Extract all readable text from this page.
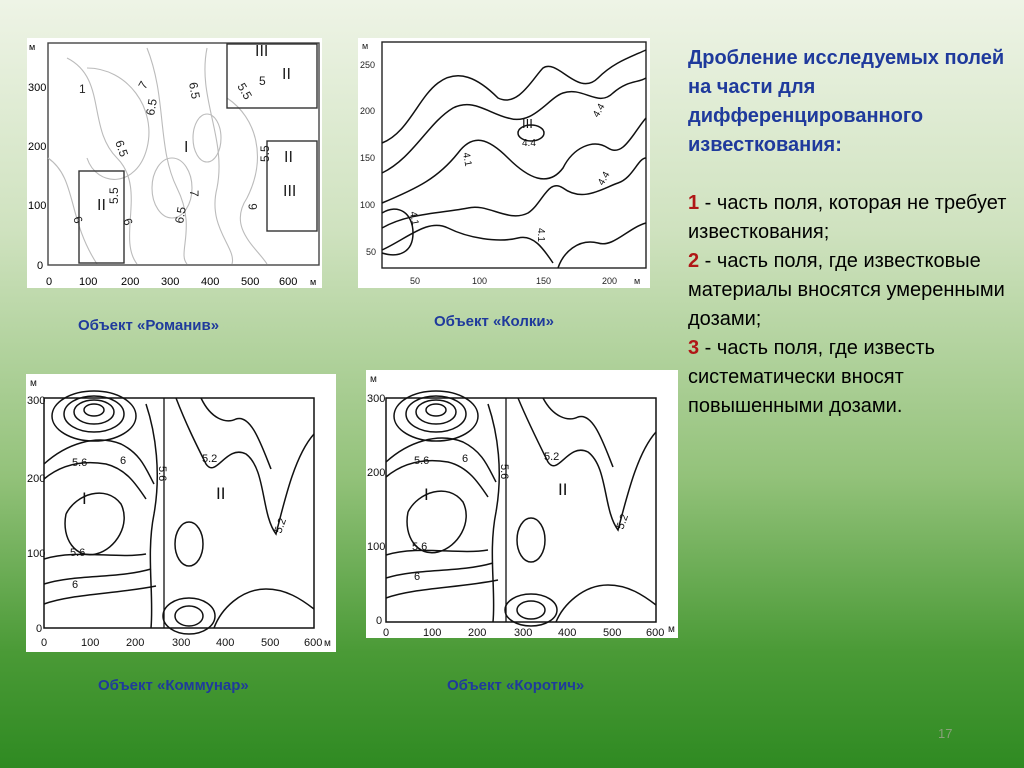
м
300
200
100
0
0 100 200 300 400 500 600 м
1	7	6.5
6.5
6.5
5
5.5
5.5
5.5
6	6
6
6.5
7
I
II
III
II
III
II
м
250
200
150
100
50
50	100	150	200 м
4.4
4.4
4.4
4.1
4.1
4.1
III
м
300
200
100
0
0	100 200	300 400 500 600 м
5.6	6
5.6
5.2
5.2
5.6
6
I	II
м
300
200
100
0
0	100 200	300 400 500 600 м
5.6	6
5.6
5.2
5.2
5.6
6
I	II
Объект «Романив»	Объект «Колки»
Объект «Коммунар»	Объект «Коротич»

Дробление исследуемых полей на части для дифференцированного известкования:

1 - часть поля, которая не требует известкования;

2 - часть поля, где известковые материалы вносятся умеренными дозами;

3 - часть поля, где известь систематически вносят повышенными дозами.

17
